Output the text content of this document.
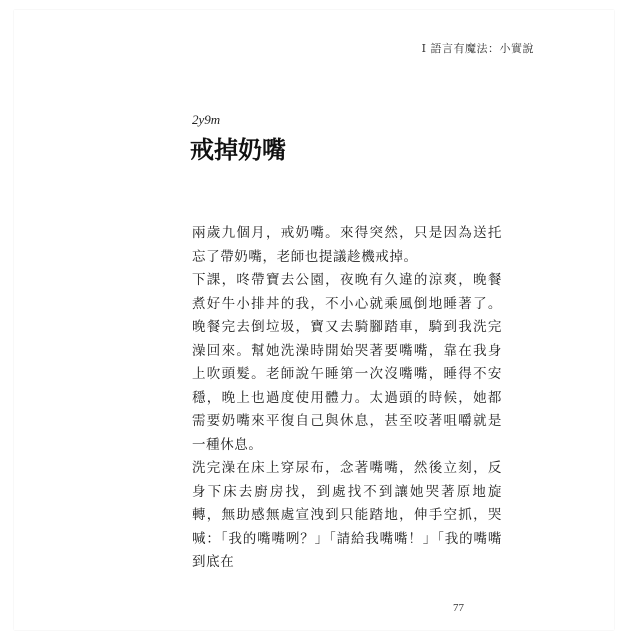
I 語言有魔法：小實說
2y9m
戒掉奶嘴

兩歲九個月，戒奶嘴。來得突然，只是因為送托忘了帶奶嘴，老師也提議趁機戒掉。

下課，咚帶寶去公園，夜晚有久違的涼爽，晚餐煮好牛小排丼的我，不小心就乘風倒地睡著了。晚餐完去倒垃圾，寶又去騎腳踏車，騎到我洗完澡回來。幫她洗澡時開始哭著要嘴嘴，靠在我身上吹頭髮。老師說午睡第一次沒嘴嘴，睡得不安穩，晚上也過度使用體力。太過頭的時候，她都需要奶嘴來平復自己與休息，甚至咬著咀嚼就是一種休息。

洗完澡在床上穿尿布，念著嘴嘴，然後立刻，反身下床去廚房找，到處找不到讓她哭著原地旋轉，無助感無處宣洩到只能踏地，伸手空抓，哭喊：「我的嘴嘴咧？」「請給我嘴嘴！」「我的嘴嘴到底在

77
